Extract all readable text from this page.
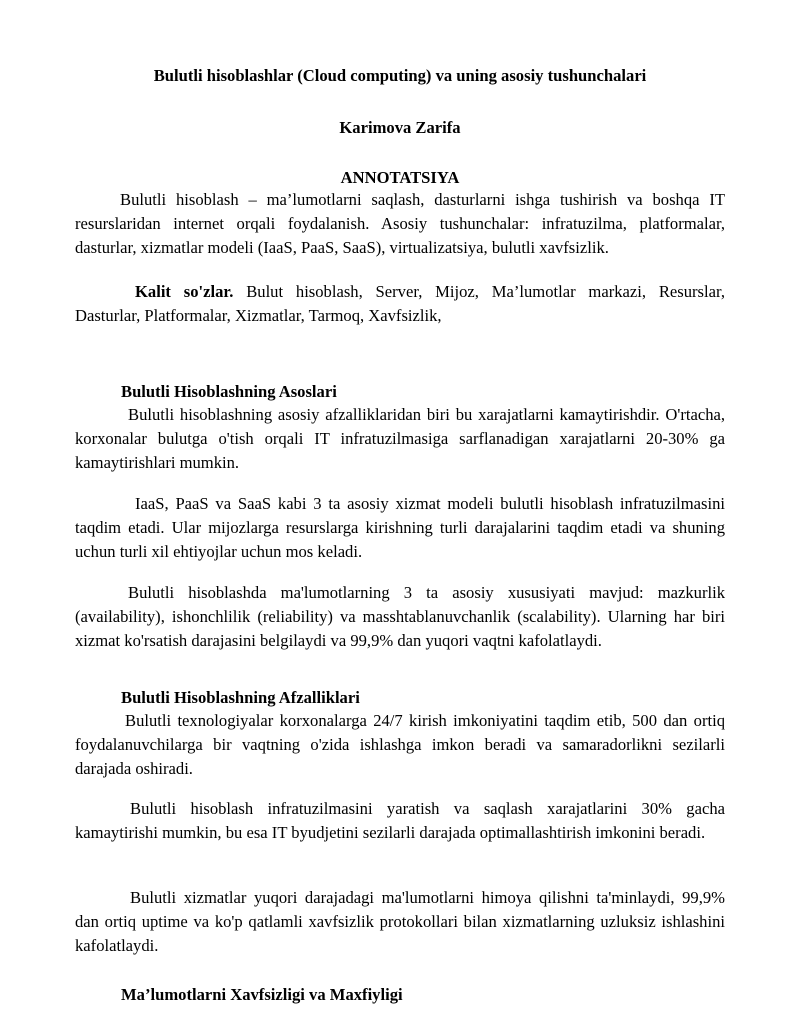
Bulutli hisoblashlar (Cloud computing) va uning asosiy tushunchalari
Karimova Zarifa
ANNOTATSIYA

Bulutli hisoblash – ma’lumotlarni saqlash, dasturlarni ishga tushirish va boshqa IT resurslaridan internet orqali foydalanish. Asosiy tushunchalar: infratuzilma, platformalar, dasturlar, xizmatlar modeli (IaaS, PaaS, SaaS), virtualizatsiya, bulutli xavfsizlik.

Kalit so'zlar. Bulut hisoblash, Server, Mijoz, Ma’lumotlar markazi, Resurslar, Dasturlar, Platformalar, Xizmatlar, Tarmoq, Xavfsizlik,

Bulutli Hisoblashning Asoslari

Bulutli hisoblashning asosiy afzalliklaridan biri bu xarajatlarni kamaytirishdir. O'rtacha, korxonalar bulutga o'tish orqali IT infratuzilmasiga sarflanadigan xarajatlarni 20-30% ga kamaytirishlari mumkin.

IaaS, PaaS va SaaS kabi 3 ta asosiy xizmat modeli bulutli hisoblash infratuzilmasini taqdim etadi. Ular mijozlarga resurslarga kirishning turli darajalarini taqdim etadi va shuning uchun turli xil ehtiyojlar uchun mos keladi.

Bulutli hisoblashda ma'lumotlarning 3 ta asosiy xususiyati mavjud: mazkurlik (availability), ishonchlilik (reliability) va masshtablanuvchanlik (scalability). Ularning har biri xizmat ko'rsatish darajasini belgilaydi va 99,9% dan yuqori vaqtni kafolatlaydi.

Bulutli Hisoblashning Afzalliklari

Bulutli texnologiyalar korxonalarga 24/7 kirish imkoniyatini taqdim etib, 500 dan ortiq foydalanuvchilarga bir vaqtning o'zida ishlashga imkon beradi va samaradorlikni sezilarli darajada oshiradi.

Bulutli hisoblash infratuzilmasini yaratish va saqlash xarajatlarini 30% gacha kamaytirishi mumkin, bu esa IT byudjetini sezilarli darajada optimallashtirish imkonini beradi.

Bulutli xizmatlar yuqori darajadagi ma'lumotlarni himoya qilishni ta'minlaydi, 99,9% dan ortiq uptime va ko'p qatlamli xavfsizlik protokollari bilan xizmatlarning uzluksiz ishlashini kafolatlaydi.

Ma’lumotlarni Xavfsizligi va Maxfiyligi
